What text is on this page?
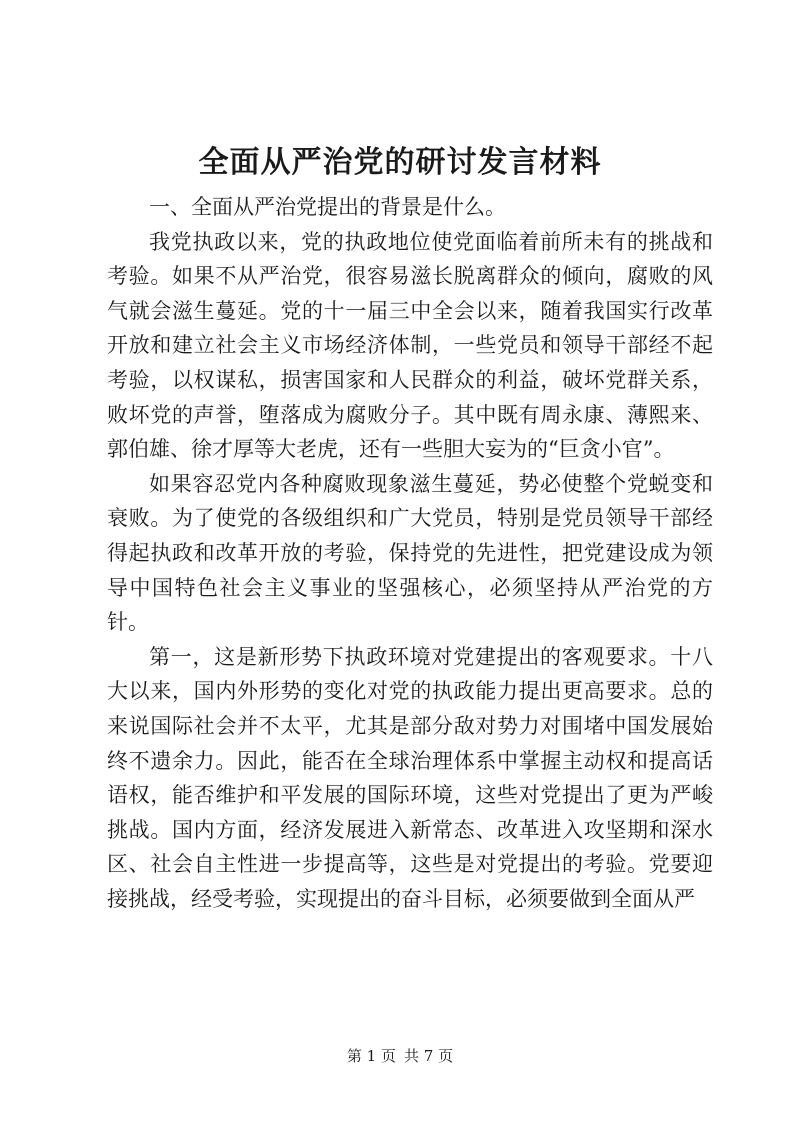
全面从严治党的研讨发言材料

一、全面从严治党提出的背景是什么。

我党执政以来，党的执政地位使党面临着前所未有的挑战和考验。如果不从严治党，很容易滋长脱离群众的倾向，腐败的风气就会滋生蔓延。党的十一届三中全会以来，随着我国实行改革开放和建立社会主义市场经济体制，一些党员和领导干部经不起考验，以权谋私，损害国家和人民群众的利益，破坏党群关系，败坏党的声誉，堕落成为腐败分子。其中既有周永康、薄熙来、郭伯雄、徐才厚等大老虎，还有一些胆大妄为的“巨贪小官”。

如果容忍党内各种腐败现象滋生蔓延，势必使整个党蜕变和衰败。为了使党的各级组织和广大党员，特别是党员领导干部经得起执政和改革开放的考验，保持党的先进性，把党建设成为领导中国特色社会主义事业的坚强核心，必须坚持从严治党的方针。

第一，这是新形势下执政环境对党建提出的客观要求。十八大以来，国内外形势的变化对党的执政能力提出更高要求。总的来说国际社会并不太平，尤其是部分敌对势力对围堵中国发展始终不遗余力。因此，能否在全球治理体系中掌握主动权和提高话语权，能否维护和平发展的国际环境，这些对党提出了更为严峻挑战。国内方面，经济发展进入新常态、改革进入攻坚期和深水区、社会自主性进一步提高等，这些是对党提出的考验。党要迎接挑战，经受考验，实现提出的奋斗目标，必须要做到全面从严

第 1 页 共 7 页
